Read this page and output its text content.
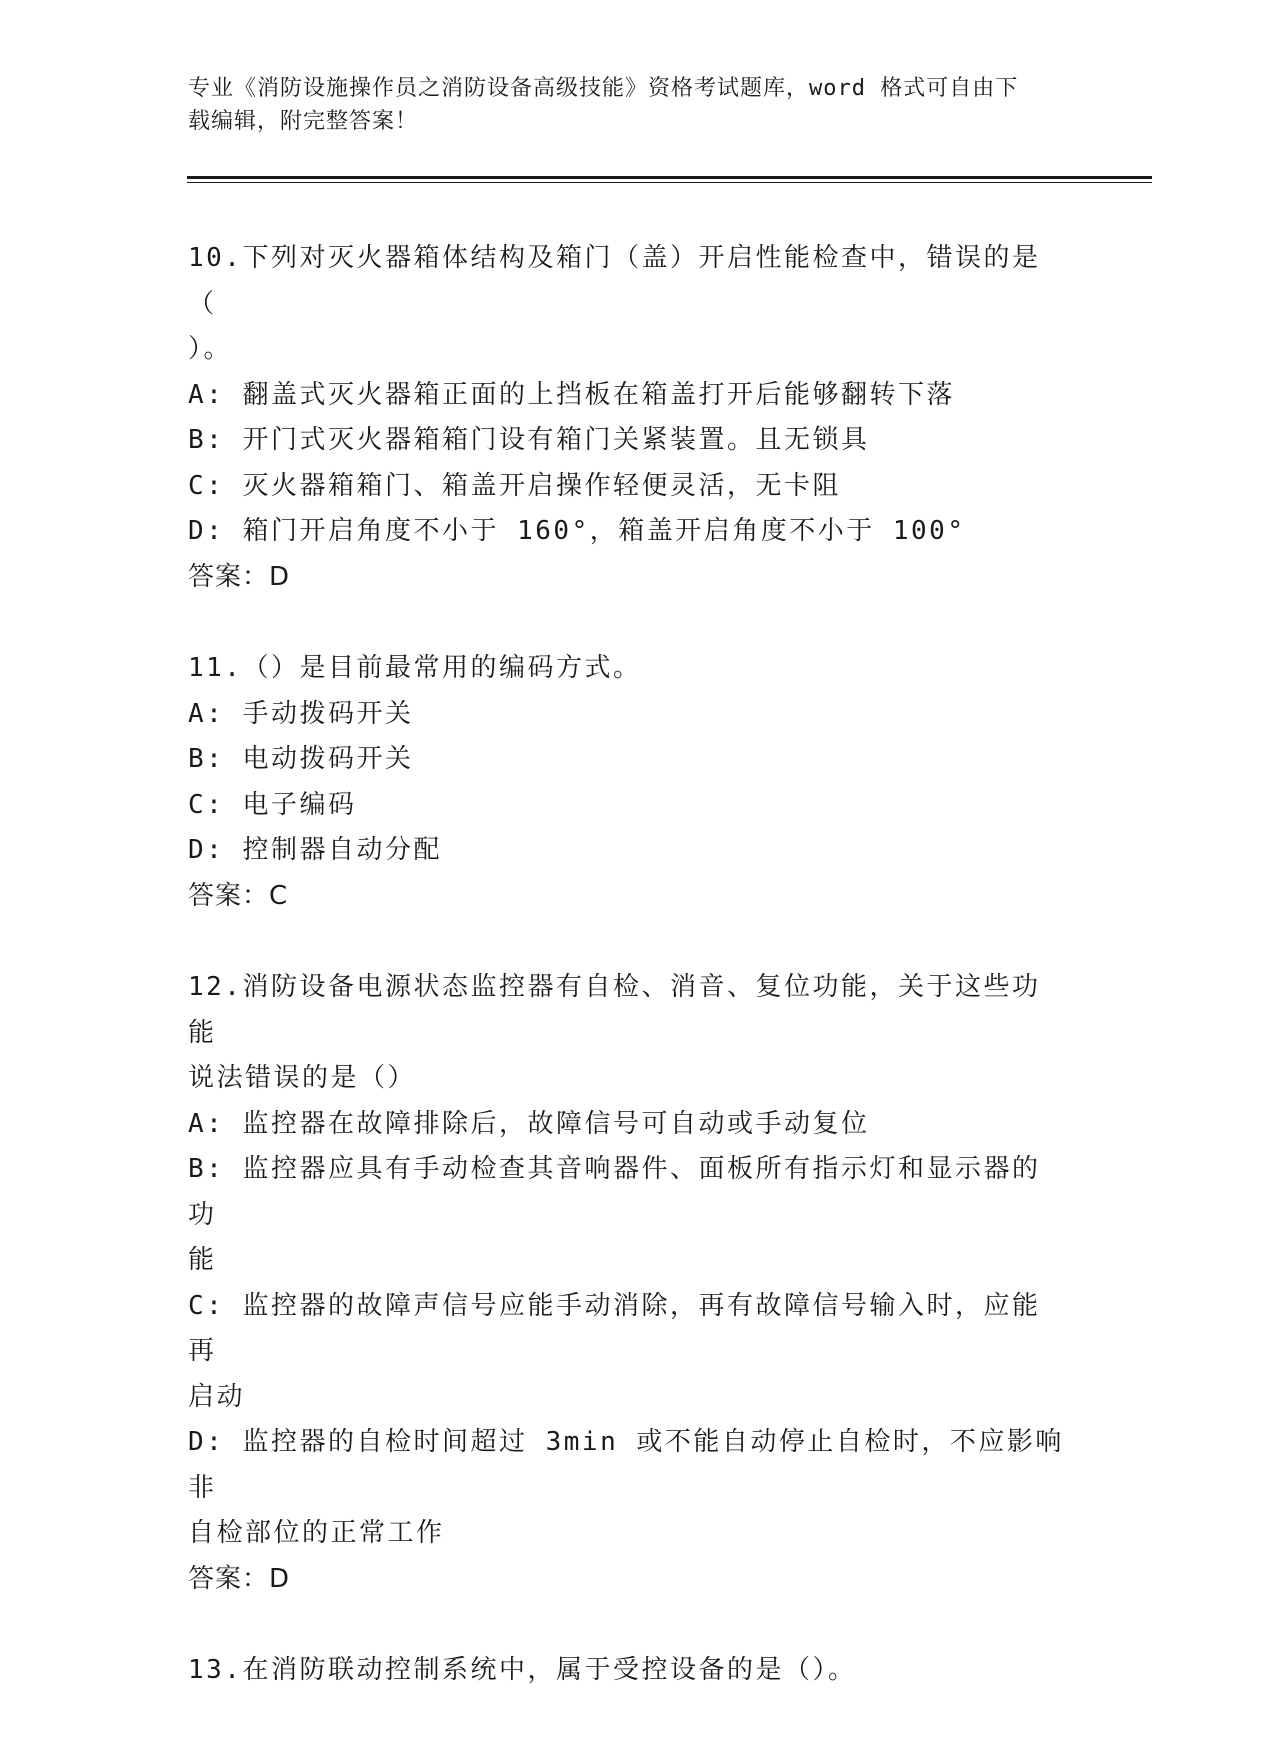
专业《消防设施操作员之消防设备高级技能》资格考试题库，word 格式可自由下
载编辑，附完整答案！
10.下列对灭火器箱体结构及箱门（盖）开启性能检查中，错误的是（
）。
A: 翻盖式灭火器箱正面的上挡板在箱盖打开后能够翻转下落
B: 开门式灭火器箱箱门设有箱门关紧装置。且无锁具
C: 灭火器箱箱门、箱盖开启操作轻便灵活，无卡阻
D: 箱门开启角度不小于 160°，箱盖开启角度不小于 100°
答案：D
11.（）是目前最常用的编码方式。
A: 手动拨码开关
B: 电动拨码开关
C: 电子编码
D: 控制器自动分配
答案：C
12.消防设备电源状态监控器有自检、消音、复位功能，关于这些功能
说法错误的是（）
A: 监控器在故障排除后，故障信号可自动或手动复位
B: 监控器应具有手动检查其音响器件、面板所有指示灯和显示器的功
能
C: 监控器的故障声信号应能手动消除，再有故障信号输入时，应能再
启动
D: 监控器的自检时间超过 3min 或不能自动停止自检时，不应影响非
自检部位的正常工作
答案：D
13.在消防联动控制系统中，属于受控设备的是（）。
